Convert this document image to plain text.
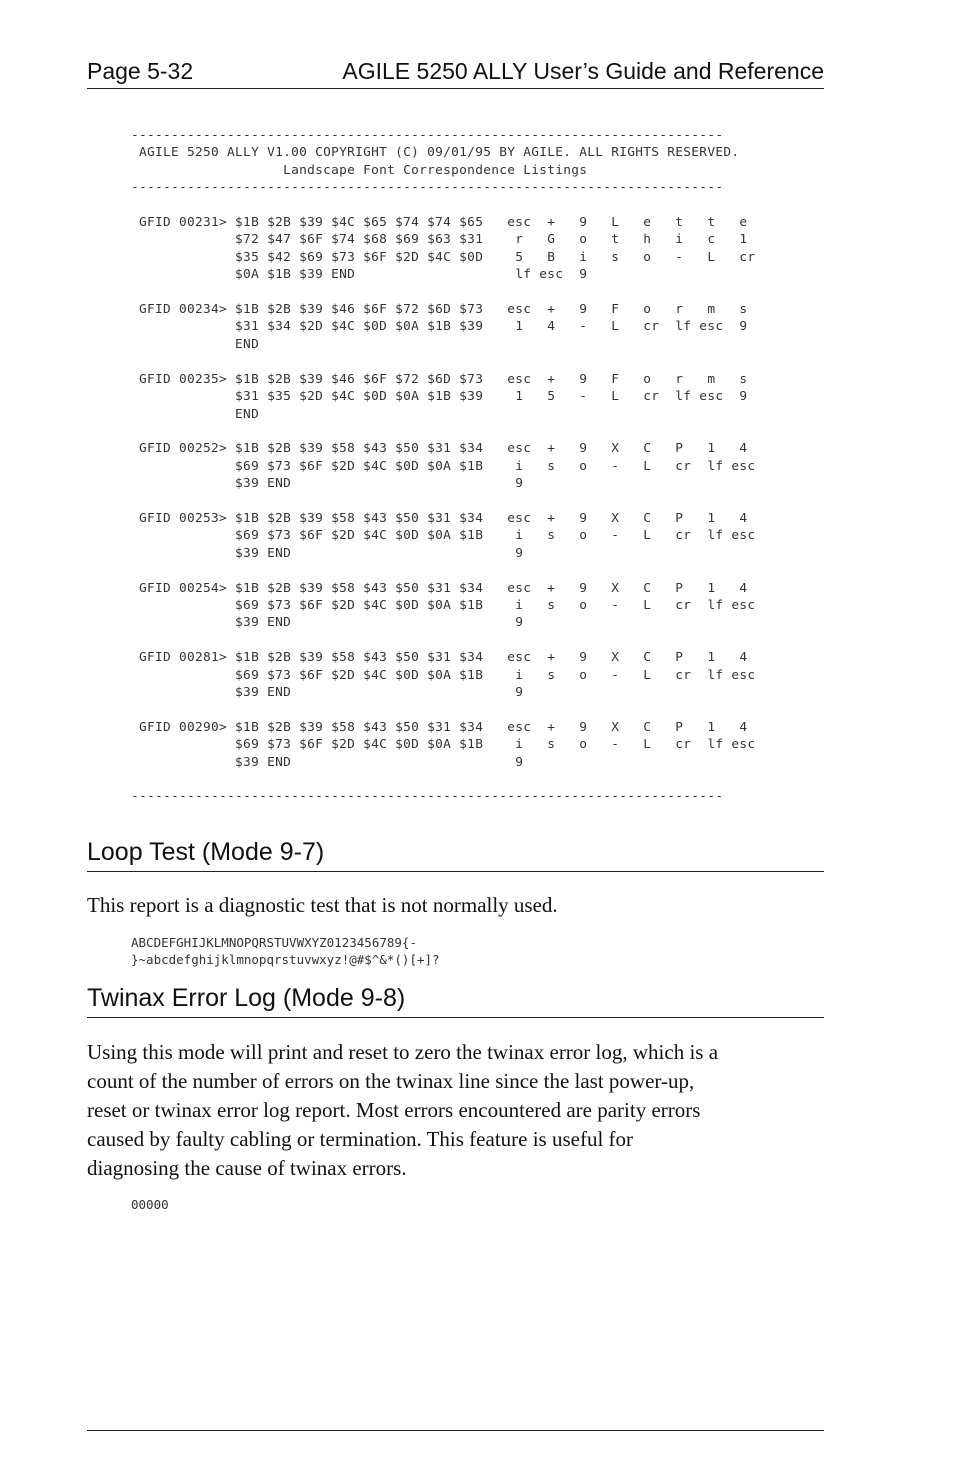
Page 5-32	AGILE 5250 ALLY User’s Guide and Reference
--------------------------------------------------------------------------
AGILE 5250 ALLY V1.00 COPYRIGHT (C) 09/01/95 BY AGILE. ALL RIGHTS RESERVED.
Landscape Font Correspondence Listings
--------------------------------------------------------------------------

GFID 00231> $1B $2B $39 $4C $65 $74 $74 $65   esc  +   9   L   e   t   t   e
$72 $47 $6F $74 $68 $69 $63 $31    r   G   o   t   h   i   c   1
$35 $42 $69 $73 $6F $2D $4C $0D    5   B   i   s   o   -   L   cr
$0A $1B $39 END                    lf esc  9

GFID 00234> $1B $2B $39 $46 $6F $72 $6D $73   esc  +   9   F   o   r   m   s
$31 $34 $2D $4C $0D $0A $1B $39    1   4   -   L   cr  lf esc  9
END

GFID 00235> $1B $2B $39 $46 $6F $72 $6D $73   esc  +   9   F   o   r   m   s
$31 $35 $2D $4C $0D $0A $1B $39    1   5   -   L   cr  lf esc  9
END

GFID 00252> $1B $2B $39 $58 $43 $50 $31 $34   esc  +   9   X   C   P   1   4
$69 $73 $6F $2D $4C $0D $0A $1B    i   s   o   -   L   cr  lf esc
$39 END                            9

GFID 00253> $1B $2B $39 $58 $43 $50 $31 $34   esc  +   9   X   C   P   1   4
$69 $73 $6F $2D $4C $0D $0A $1B    i   s   o   -   L   cr  lf esc
$39 END                            9

GFID 00254> $1B $2B $39 $58 $43 $50 $31 $34   esc  +   9   X   C   P   1   4
$69 $73 $6F $2D $4C $0D $0A $1B    i   s   o   -   L   cr  lf esc
$39 END                            9

GFID 00281> $1B $2B $39 $58 $43 $50 $31 $34   esc  +   9   X   C   P   1   4
$69 $73 $6F $2D $4C $0D $0A $1B    i   s   o   -   L   cr  lf esc
$39 END                            9

GFID 00290> $1B $2B $39 $58 $43 $50 $31 $34   esc  +   9   X   C   P   1   4
$69 $73 $6F $2D $4C $0D $0A $1B    i   s   o   -   L   cr  lf esc
$39 END                            9

--------------------------------------------------------------------------

Loop Test (Mode 9-7)

This report is a diagnostic test that is not normally used.

ABCDEFGHIJKLMNOPQRSTUVWXYZ0123456789{-
}~abcdefghijklmnopqrstuvwxyz!@#$^&*()[+]?
Twinax Error Log (Mode 9-8)

Using this mode will print and reset to zero the twinax error log, which is a
count of the number of errors on the twinax line since the last power-up,
reset or twinax error log report. Most errors encountered are parity errors
caused by faulty cabling or termination. This feature is useful for
diagnosing the cause of twinax errors.

00000
